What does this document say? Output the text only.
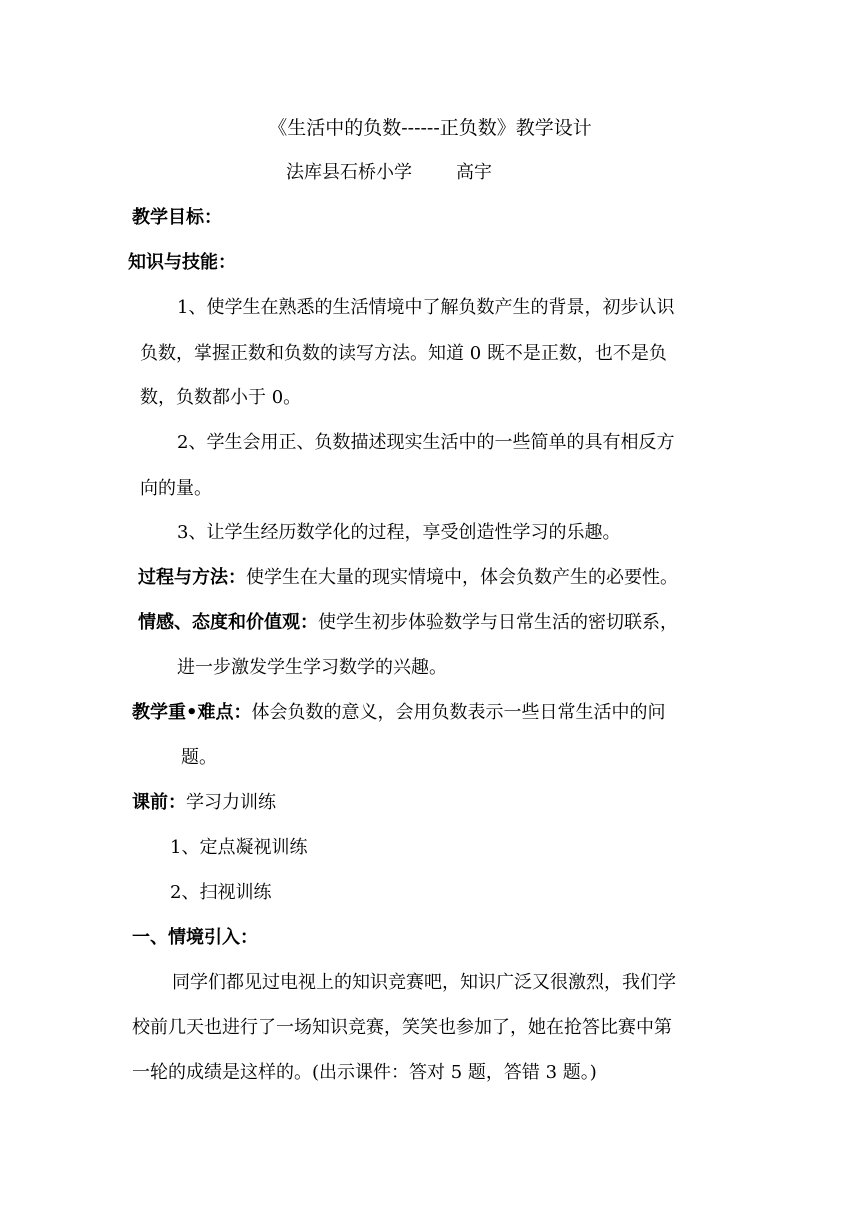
《生活中的负数------正负数》教学设计
法库县石桥小学 高宇
教学目标：
知识与技能：
1、使学生在熟悉的生活情境中了解负数产生的背景，初步认识
负数，掌握正数和负数的读写方法。知道 0 既不是正数，也不是负
数，负数都小于 0。
2、学生会用正、负数描述现实生活中的一些简单的具有相反方
向的量。
3、让学生经历数学化的过程，享受创造性学习的乐趣。
过程与方法：使学生在大量的现实情境中，体会负数产生的必要性。
情感、态度和价值观：使学生初步体验数学与日常生活的密切联系，
进一步激发学生学习数学的兴趣。
教学重•难点：体会负数的意义，会用负数表示一些日常生活中的问
题。
课前：学习力训练
1、定点凝视训练
2、扫视训练
一、情境引入：
同学们都见过电视上的知识竞赛吧，知识广泛又很激烈，我们学
校前几天也进行了一场知识竞赛，笑笑也参加了，她在抢答比赛中第
一轮的成绩是这样的。(出示课件：答对 5 题，答错 3 题。)
